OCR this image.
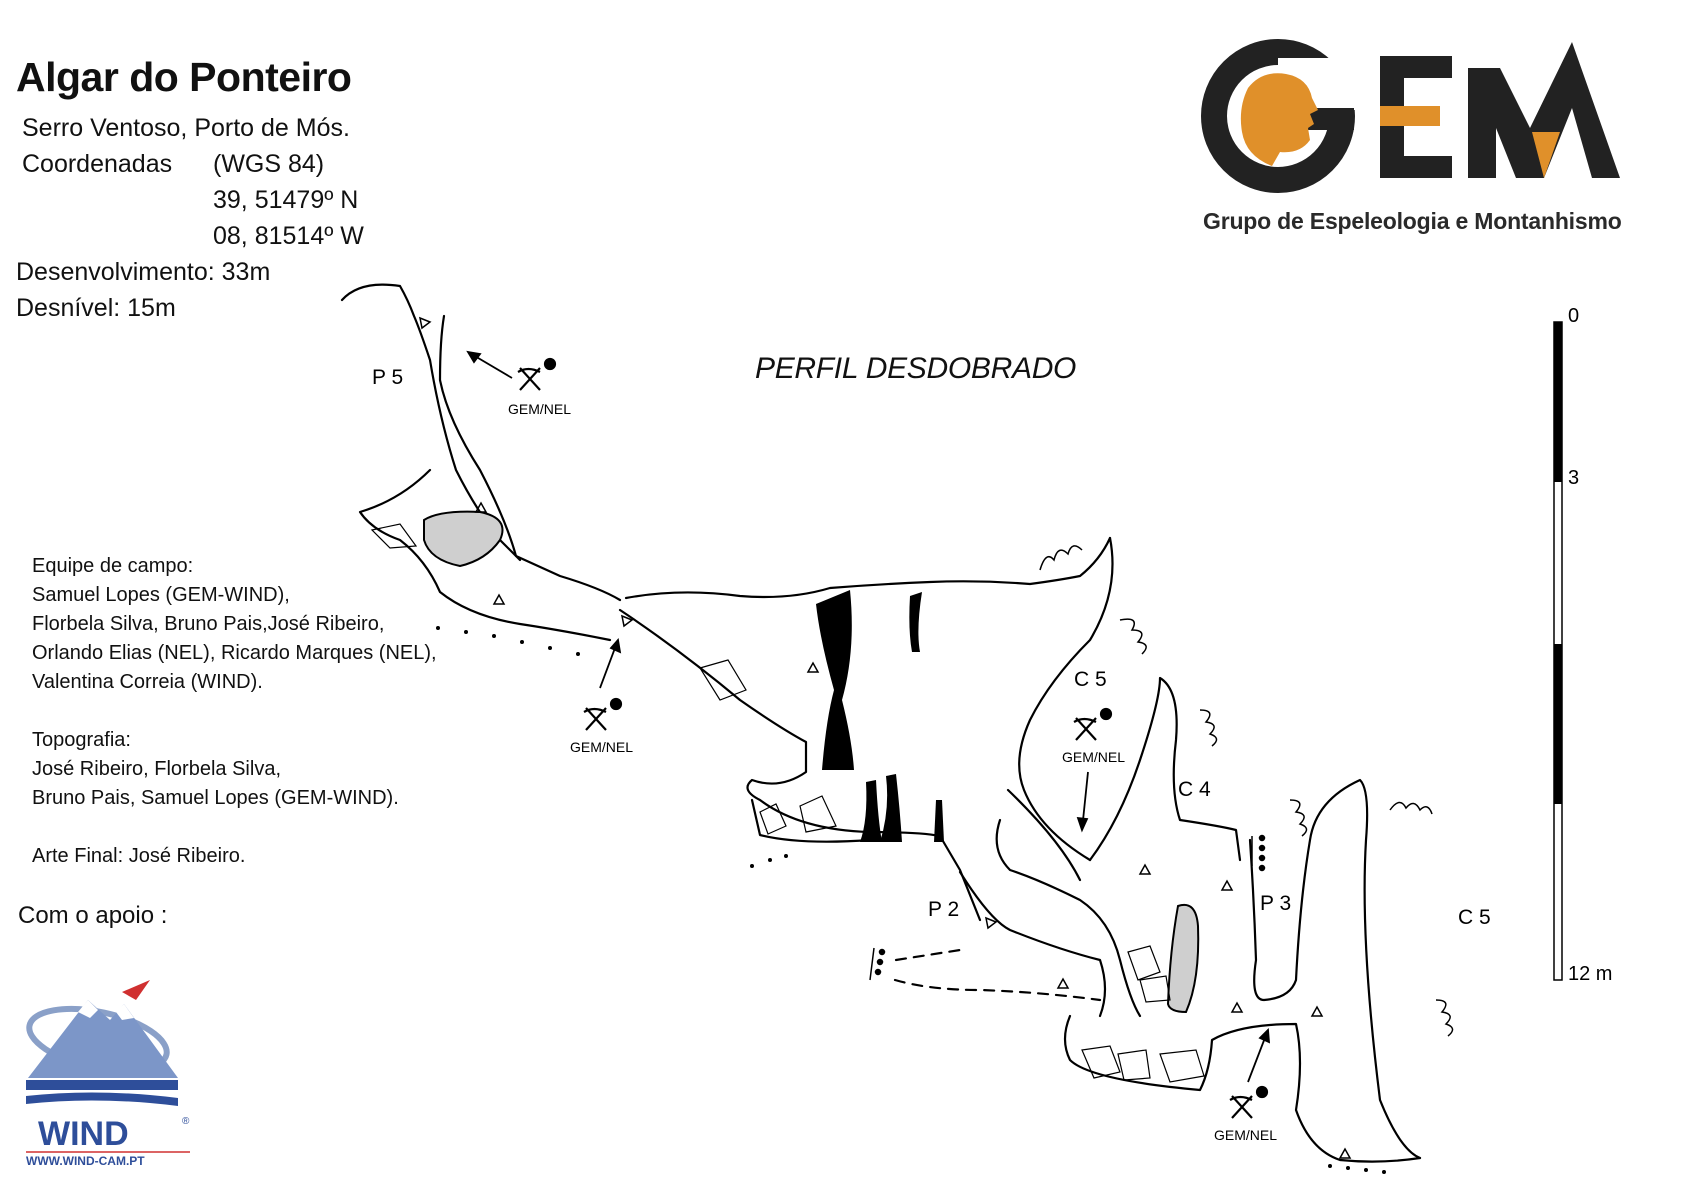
Algar do Ponteiro
Serro Ventoso, Porto de Mós.
Coordenadas (WGS 84)
39, 51479º N
08, 81514º W
Desenvolvimento: 33m
Desnível: 15m
Equipe de campo:
Samuel Lopes (GEM-WIND),
Florbela Silva, Bruno Pais,José Ribeiro,
Orlando Elias (NEL), Ricardo Marques (NEL),
Valentina Correia (WIND).
Topografia:
José Ribeiro, Florbela Silva,
Bruno Pais, Samuel Lopes (GEM-WIND).
Arte Final: José Ribeiro.
Com o apoio :
PERFIL DESDOBRADO
Grupo de Espeleologia e Montanhismo
WIND	®
WWW.WIND-CAM.PT
0
3
12 m
P 5
P 2	P 3
C 5
C 4
C 5
GEM/NEL
GEM/NEL
GEM/NEL
GEM/NEL
